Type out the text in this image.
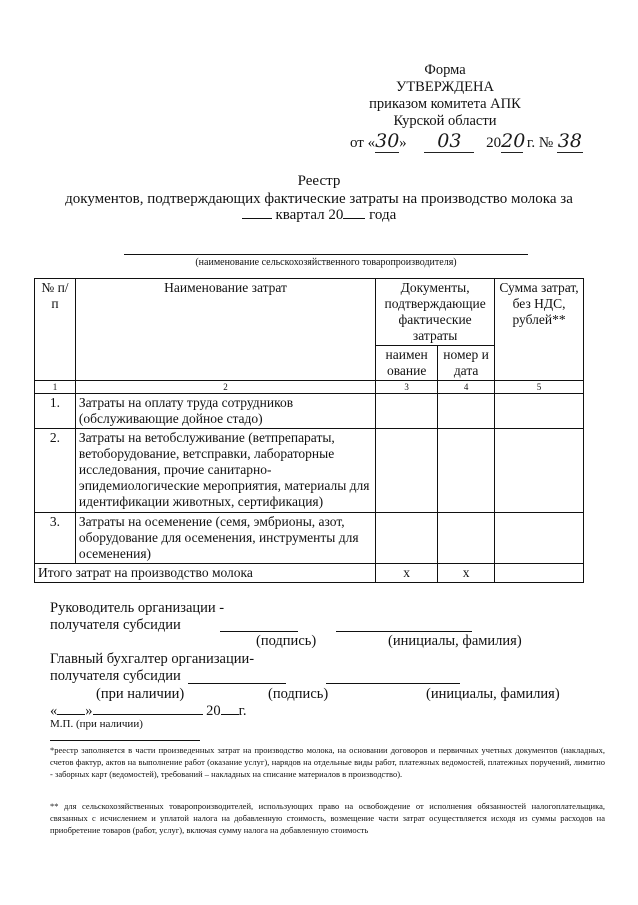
Форма
УТВЕРЖДЕНА
приказом комитета АПК
Курской области
от «30» 03 2020 г. № 38
Реестр
документов, подтверждающих фактические затраты на производство молока за
квартал 20 года
(наименование сельскохозяйственного товаропроизводителя)
№ п/п	Наименование затрат	Документы, подтверждающие фактические затраты		Сумма затрат, без НДС, рублей**
		наимен ование	номер и дата	
1	2	3	4	5
1.	Затраты на оплату труда сотрудников (обслуживающие дойное стадо)			
2.	Затраты на ветобслуживание (ветпрепараты, ветоборудование, ветсправки, лабораторные исследования, прочие санитарно-эпидемиологические мероприятия, материалы для идентификации животных, сертификация)			
3.	Затраты на осеменение (семя, эмбрионы, азот, оборудование для осеменения, инструменты для осеменения)			
Итого затрат на производство молока		х	х	
Руководитель организации -
получателя субсидии
(подпись)	(инициалы, фамилия)
Главный бухгалтер организации-
получателя субсидии
(при наличии)	(подпись)	(инициалы, фамилия)
« »	20 г.
М.П. (при наличии)
*реестр заполняется в части произведенных затрат на производство молока, на основании договоров и первичных учетных документов (накладных, счетов фактур, актов на выполнение работ (оказание услуг), нарядов на отдельные виды работ, платежных ведомостей, платежных поручений, лимитно - заборных карт (ведомостей), требований – накладных на списание материалов в производство).
** для сельскохозяйственных товаропроизводителей, использующих право на освобождение от исполнения обязанностей налогоплательщика, связанных с исчислением и уплатой налога на добавленную стоимость, возмещение части затрат осуществляется исходя из суммы расходов на приобретение товаров (работ, услуг), включая сумму налога на добавленную стоимость
